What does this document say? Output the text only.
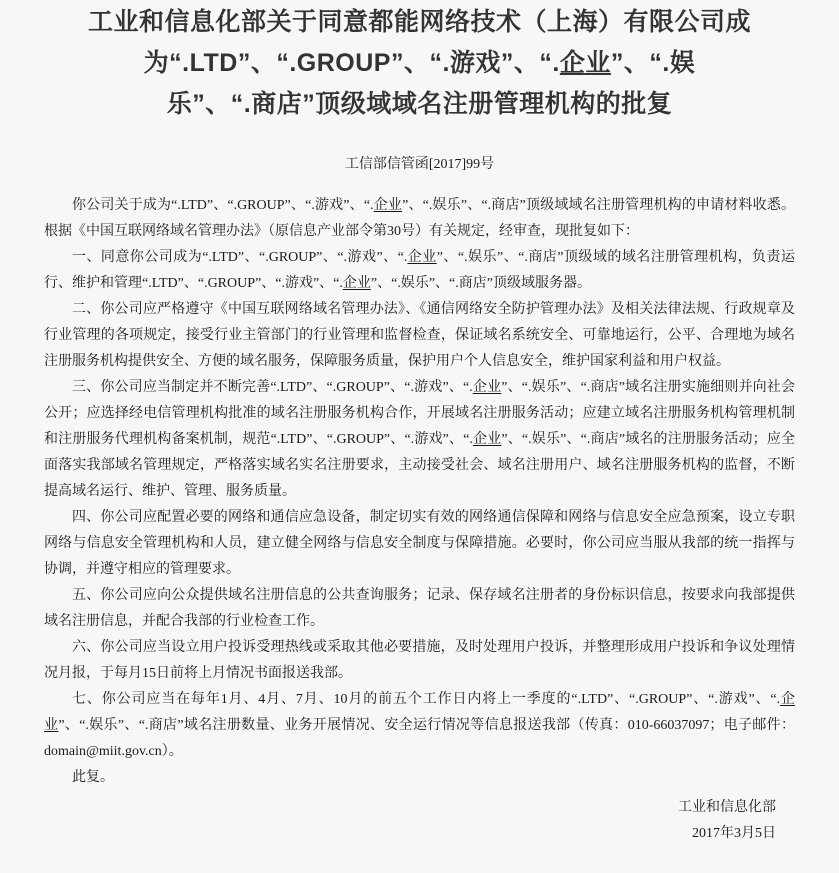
工业和信息化部关于同意都能网络技术（上海）有限公司成
为“.LTD”、“.GROUP”、“.游戏”、“.企业”、“.娱
乐”、“.商店”顶级域域名注册管理机构的批复
工信部信管函[2017]99号

你公司关于成为“.LTD”、“.GROUP”、“.游戏”、“.企业”、“.娱乐”、“.商店”顶级域域名注册管理机构的申请材料收悉。根据《中国互联网络域名管理办法》（原信息产业部令第30号）有关规定，经审查，现批复如下：

一、同意你公司成为“.LTD”、“.GROUP”、“.游戏”、“.企业”、“.娱乐”、“.商店”顶级域的域名注册管理机构，负责运行、维护和管理“.LTD”、“.GROUP”、“.游戏”、“.企业”、“.娱乐”、“.商店”顶级域服务器。

二、你公司应严格遵守《中国互联网络域名管理办法》、《通信网络安全防护管理办法》及相关法律法规、行政规章及行业管理的各项规定，接受行业主管部门的行业管理和监督检查，保证域名系统安全、可靠地运行，公平、合理地为域名注册服务机构提供安全、方便的域名服务，保障服务质量，保护用户个人信息安全，维护国家利益和用户权益。

三、你公司应当制定并不断完善“.LTD”、“.GROUP”、“.游戏”、“.企业”、“.娱乐”、“.商店”域名注册实施细则并向社会公开；应选择经电信管理机构批准的域名注册服务机构合作，开展域名注册服务活动；应建立域名注册服务机构管理机制和注册服务代理机构备案机制，规范“.LTD”、“.GROUP”、“.游戏”、“.企业”、“.娱乐”、“.商店”域名的注册服务活动；应全面落实我部域名管理规定，严格落实域名实名注册要求，主动接受社会、域名注册用户、域名注册服务机构的监督，不断提高域名运行、维护、管理、服务质量。

四、你公司应配置必要的网络和通信应急设备，制定切实有效的网络通信保障和网络与信息安全应急预案，设立专职网络与信息安全管理机构和人员，建立健全网络与信息安全制度与保障措施。必要时，你公司应当服从我部的统一指挥与协调，并遵守相应的管理要求。

五、你公司应向公众提供域名注册信息的公共查询服务；记录、保存域名注册者的身份标识信息，按要求向我部提供域名注册信息，并配合我部的行业检查工作。

六、你公司应当设立用户投诉受理热线或采取其他必要措施，及时处理用户投诉，并整理形成用户投诉和争议处理情况月报，于每月15日前将上月情况书面报送我部。

七、你公司应当在每年1月、4月、7月、10月的前五个工作日内将上一季度的“.LTD”、“.GROUP”、“.游戏”、“.企业”、“.娱乐”、“.商店”域名注册数量、业务开展情况、安全运行情况等信息报送我部（传真：010-66037097；电子邮件：domain@miit.gov.cn）。

此复。

工业和信息化部
2017年3月5日
